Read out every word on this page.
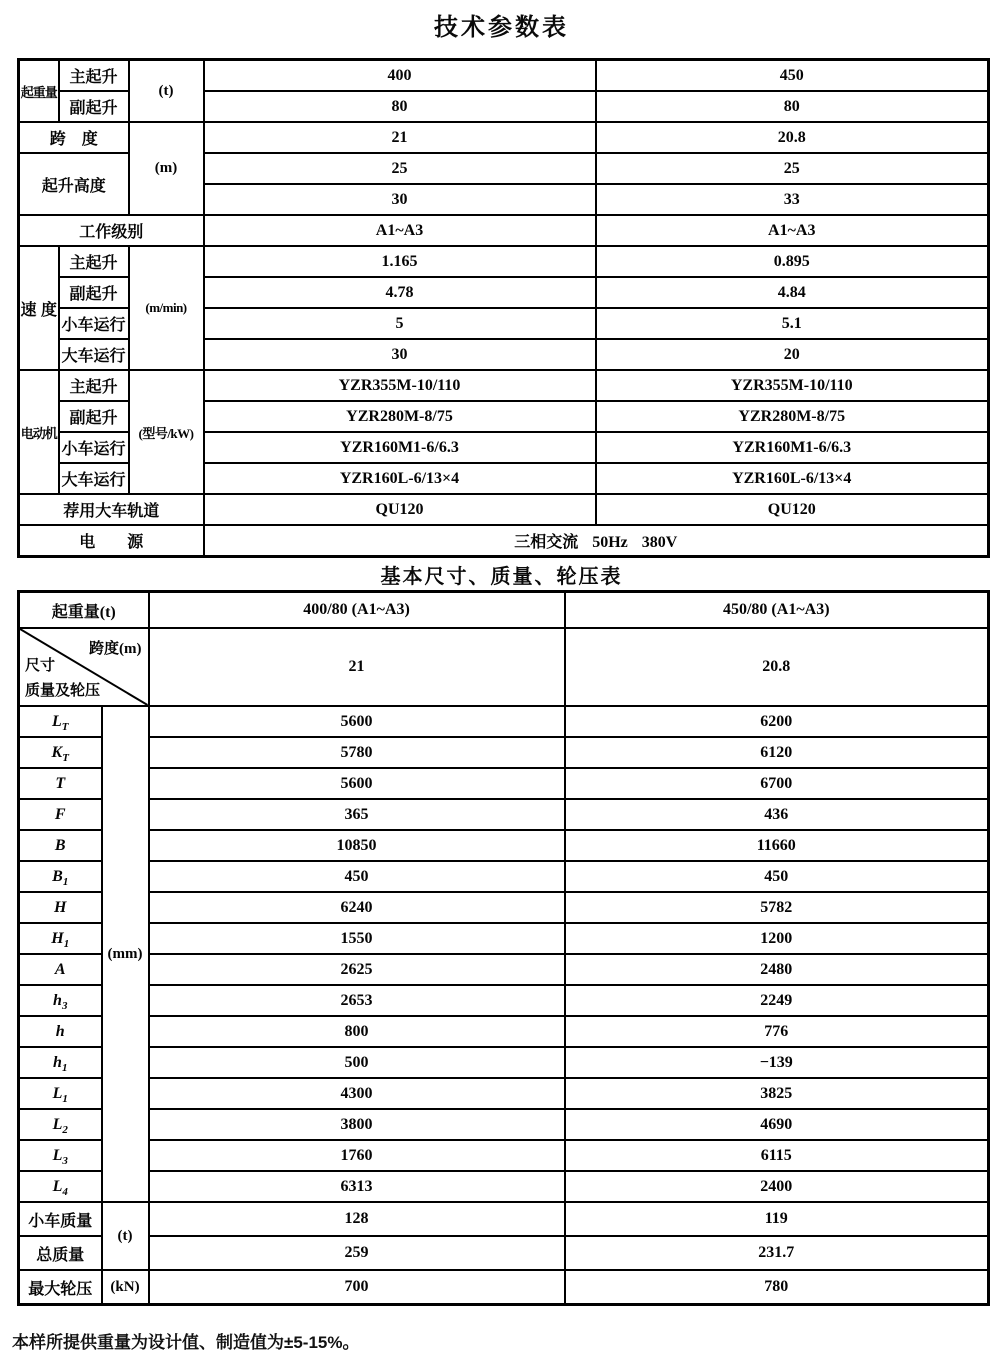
技术参数表
起重量	主起升	(t)	400	450
	副起升		80	80
跨　度		(m)	21	20.8
起升高度			25	25
			30	33
工作级别			A1~A3	A1~A3
速 度	主起升	(m/min)	1.165	0.895
	副起升		4.78	4.84
	小车运行		5	5.1
	大车运行		30	20
电动机	主起升	(型号/kW)	YZR355M-10/110	YZR355M-10/110
	副起升		YZR280M-8/75	YZR280M-8/75
	小车运行		YZR160M1-6/6.3	YZR160M1-6/6.3
	大车运行		YZR160L-6/13×4	YZR160L-6/13×4
荐用大车轨道			QU120	QU120
电　　源			三相交流 50Hz 380V	
基本尺寸、质量、轮压表
起重量(t)		400/80 (A1~A3)	450/80 (A1~A3)

跨度(m)
尺寸
质量及轮压		21	20.8
$L_T$	(mm)	5600	6200
$K_T$		5780	6120
T		5600	6700
F		365	436
B		10850	11660
$B_1$		450	450
H		6240	5782
$H_1$		1550	1200
A		2625	2480
$h_3$		2653	2249
h		800	776
$h_1$		500	−139
$L_1$		4300	3825
$L_2$		3800	4690
$L_3$		1760	6115
$L_4$		6313	2400
小车质量	(t)	128	119
总质量		259	231.7
最大轮压	(kN)	700	780
本样所提供重量为设计值、制造值为±5-15%。
